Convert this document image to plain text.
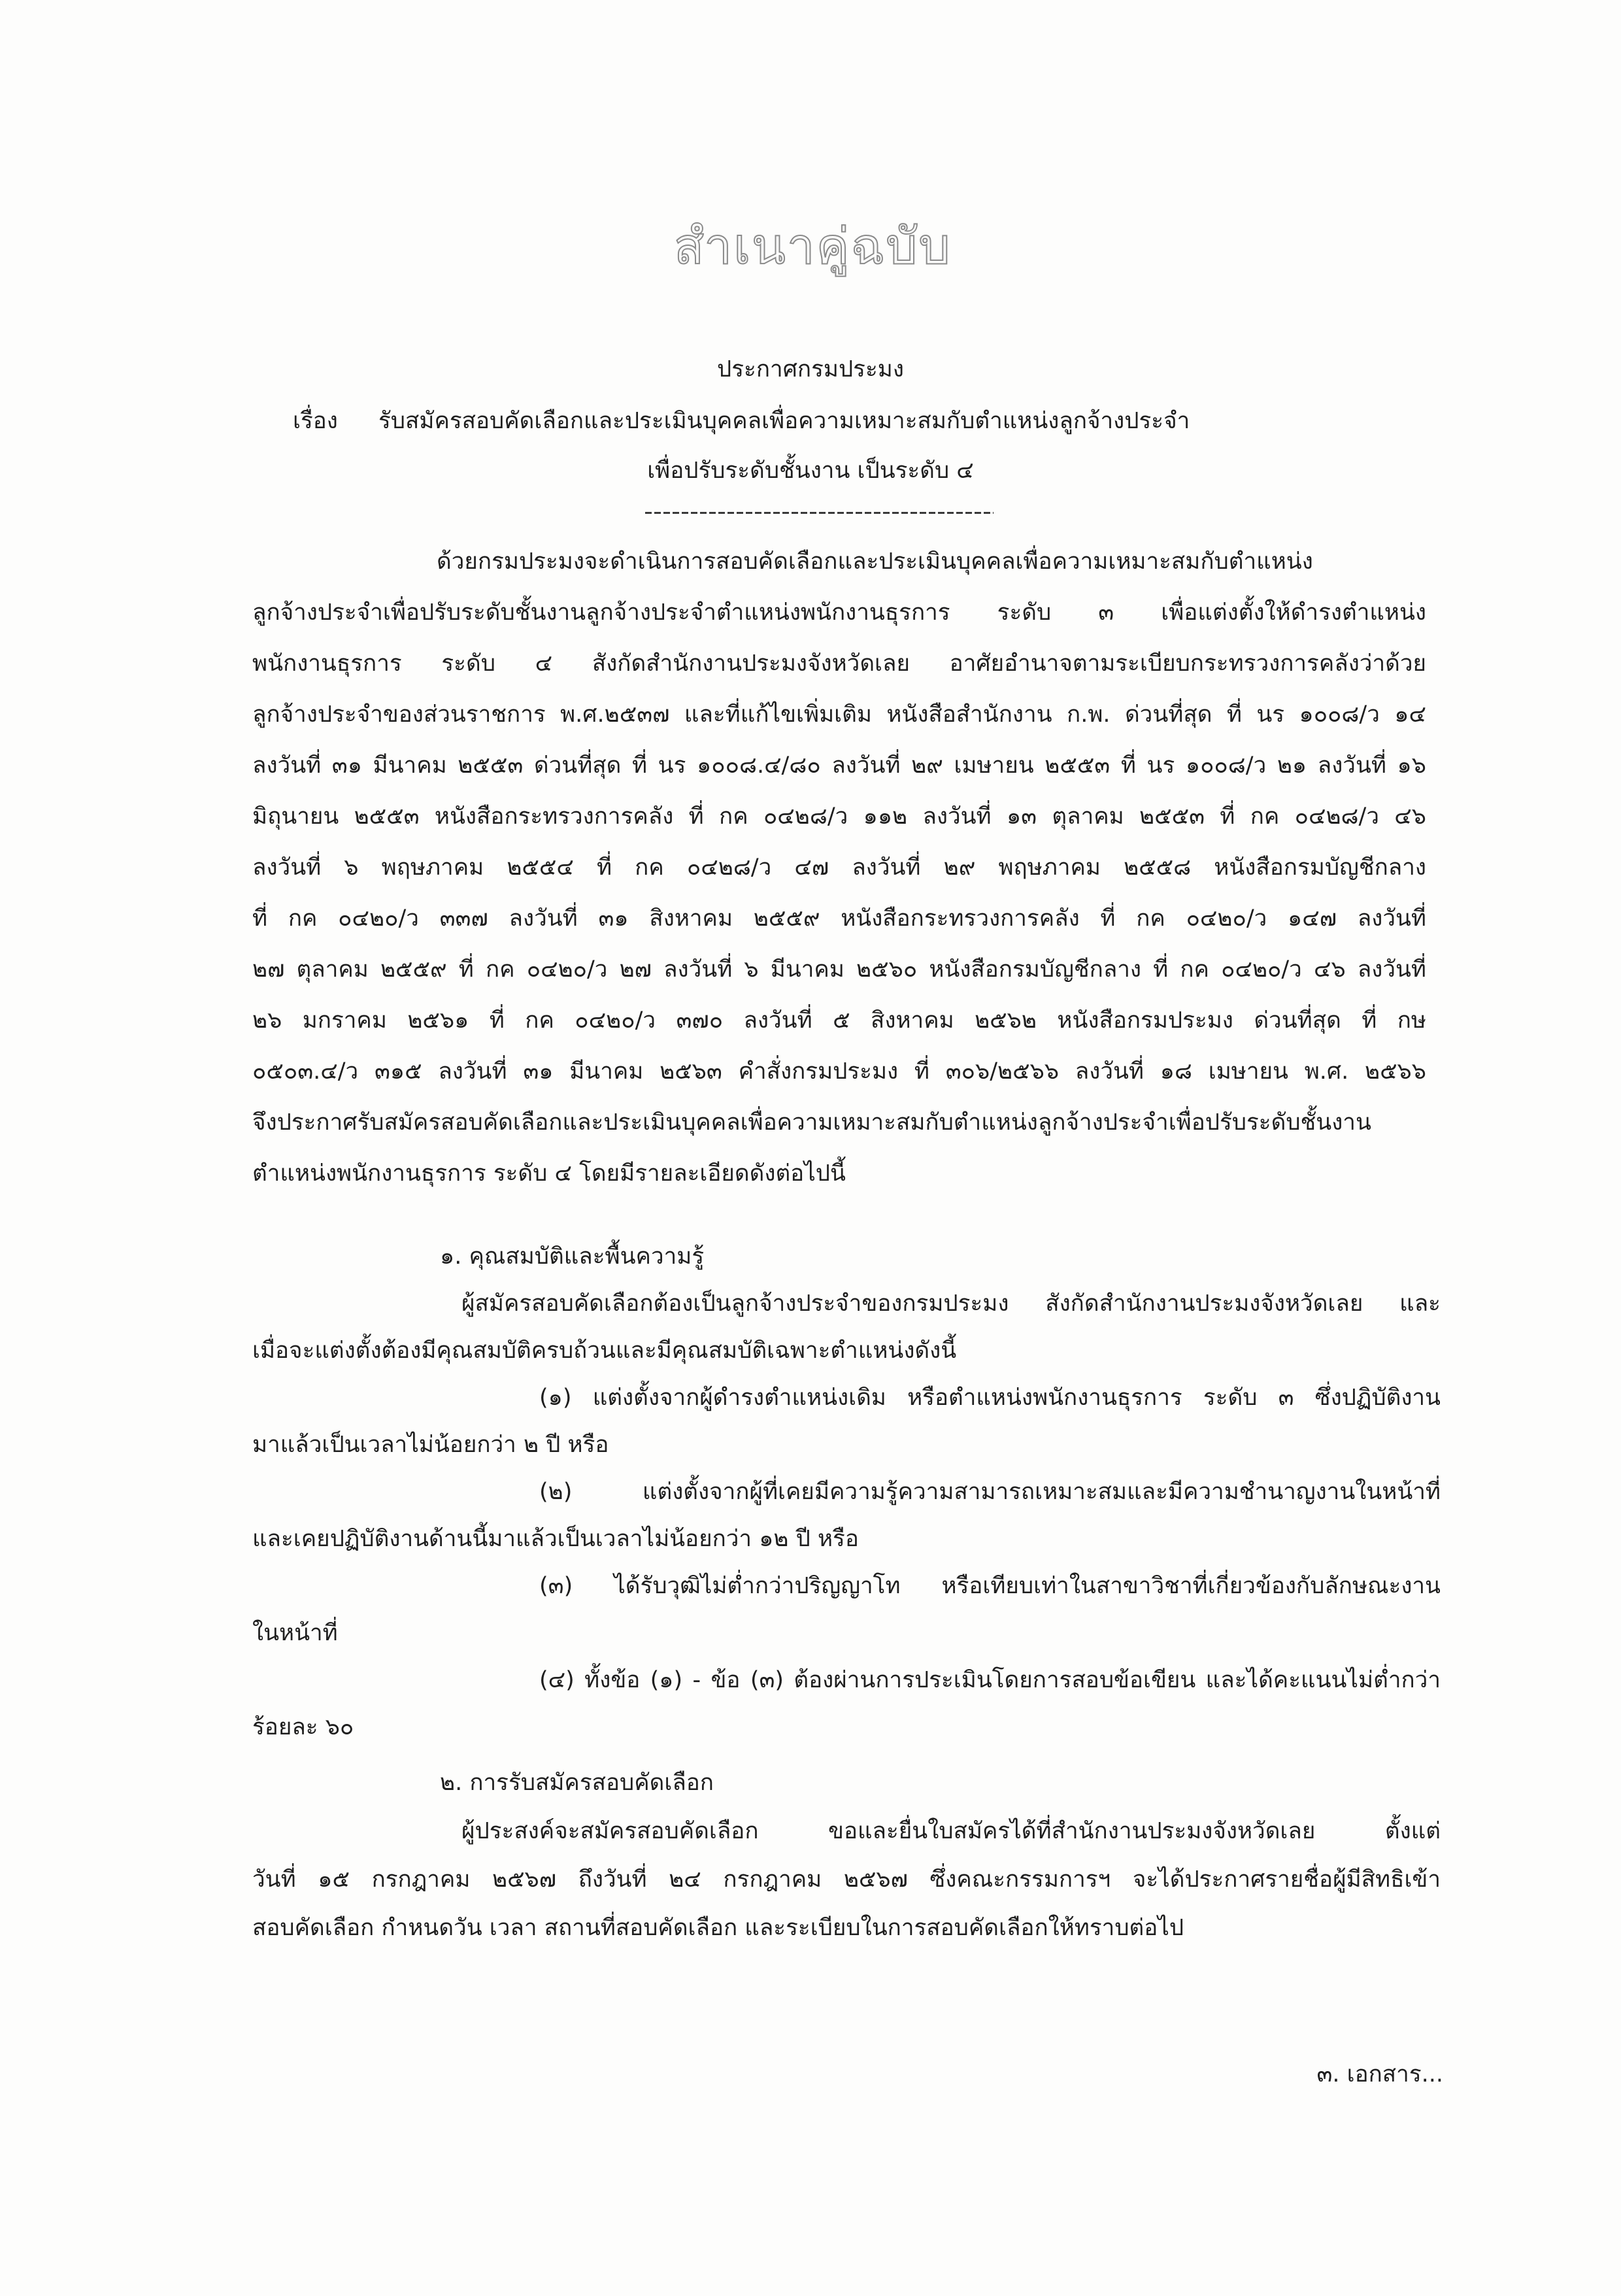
สำเนาคู่ฉบับ
ประกาศกรมประมง
เรื่อง รับสมัครสอบคัดเลือกและประเมินบุคคลเพื่อความเหมาะสมกับตำแหน่งลูกจ้างประจำ
เพื่อปรับระดับชั้นงาน เป็นระดับ ๔
ด้วยกรมประมงจะดำเนินการสอบคัดเลือกและประเมินบุคคลเพื่อความเหมาะสมกับตำแหน่ง
ลูกจ้างประจำเพื่อปรับระดับชั้นงานลูกจ้างประจำตำแหน่งพนักงานธุรการ ระดับ ๓ เพื่อแต่งตั้งให้ดำรงตำแหน่ง
พนักงานธุรการ ระดับ ๔ สังกัดสำนักงานประมงจังหวัดเลย อาศัยอำนาจตามระเบียบกระทรวงการคลังว่าด้วย
ลูกจ้างประจำของส่วนราชการ พ.ศ.๒๕๓๗ และที่แก้ไขเพิ่มเติม หนังสือสำนักงาน ก.พ. ด่วนที่สุด ที่ นร ๑๐๐๘/ว ๑๔
ลงวันที่ ๓๑ มีนาคม ๒๕๕๓ ด่วนที่สุด ที่ นร ๑๐๐๘.๔/๘๐ ลงวันที่ ๒๙ เมษายน ๒๕๕๓ ที่ นร ๑๐๐๘/ว ๒๑ ลงวันที่ ๑๖
มิถุนายน ๒๕๕๓ หนังสือกระทรวงการคลัง ที่ กค ๐๔๒๘/ว ๑๑๒ ลงวันที่ ๑๓ ตุลาคม ๒๕๕๓ ที่ กค ๐๔๒๘/ว ๔๖
ลงวันที่ ๖ พฤษภาคม ๒๕๕๔ ที่ กค ๐๔๒๘/ว ๔๗ ลงวันที่ ๒๙ พฤษภาคม ๒๕๕๘ หนังสือกรมบัญชีกลาง
ที่ กค ๐๔๒๐/ว ๓๓๗ ลงวันที่ ๓๑ สิงหาคม ๒๕๕๙ หนังสือกระทรวงการคลัง ที่ กค ๐๔๒๐/ว ๑๔๗ ลงวันที่
๒๗ ตุลาคม ๒๕๕๙ ที่ กค ๐๔๒๐/ว ๒๗ ลงวันที่ ๖ มีนาคม ๒๕๖๐ หนังสือกรมบัญชีกลาง ที่ กค ๐๔๒๐/ว ๔๖ ลงวันที่
๒๖ มกราคม ๒๕๖๑ ที่ กค ๐๔๒๐/ว ๓๗๐ ลงวันที่ ๕ สิงหาคม ๒๕๖๒ หนังสือกรมประมง ด่วนที่สุด ที่ กษ
๐๕๐๓.๔/ว ๓๑๕ ลงวันที่ ๓๑ มีนาคม ๒๕๖๓ คำสั่งกรมประมง ที่ ๓๐๖/๒๕๖๖ ลงวันที่ ๑๘ เมษายน พ.ศ. ๒๕๖๖
จึงประกาศรับสมัครสอบคัดเลือกและประเมินบุคคลเพื่อความเหมาะสมกับตำแหน่งลูกจ้างประจำเพื่อปรับระดับชั้นงาน
ตำแหน่งพนักงานธุรการ ระดับ ๔ โดยมีรายละเอียดดังต่อไปนี้
๑. คุณสมบัติและพื้นความรู้
ผู้สมัครสอบคัดเลือกต้องเป็นลูกจ้างประจำของกรมประมง สังกัดสำนักงานประมงจังหวัดเลย และ
เมื่อจะแต่งตั้งต้องมีคุณสมบัติครบถ้วนและมีคุณสมบัติเฉพาะตำแหน่งดังนี้
(๑) แต่งตั้งจากผู้ดำรงตำแหน่งเดิม หรือตำแหน่งพนักงานธุรการ ระดับ ๓ ซึ่งปฏิบัติงาน
มาแล้วเป็นเวลาไม่น้อยกว่า ๒ ปี หรือ
(๒) แต่งตั้งจากผู้ที่เคยมีความรู้ความสามารถเหมาะสมและมีความชำนาญงานในหน้าที่
และเคยปฏิบัติงานด้านนี้มาแล้วเป็นเวลาไม่น้อยกว่า ๑๒ ปี หรือ
(๓) ได้รับวุฒิไม่ต่ำกว่าปริญญาโท หรือเทียบเท่าในสาขาวิชาที่เกี่ยวข้องกับลักษณะงาน
ในหน้าที่
(๔) ทั้งข้อ (๑) - ข้อ (๓) ต้องผ่านการประเมินโดยการสอบข้อเขียน และได้คะแนนไม่ต่ำกว่า
ร้อยละ ๖๐
๒. การรับสมัครสอบคัดเลือก
ผู้ประสงค์จะสมัครสอบคัดเลือก ขอและยื่นใบสมัครได้ที่สำนักงานประมงจังหวัดเลย ตั้งแต่
วันที่ ๑๕ กรกฎาคม ๒๕๖๗ ถึงวันที่ ๒๔ กรกฎาคม ๒๕๖๗ ซึ่งคณะกรรมการฯ จะได้ประกาศรายชื่อผู้มีสิทธิเข้า
สอบคัดเลือก กำหนดวัน เวลา สถานที่สอบคัดเลือก และระเบียบในการสอบคัดเลือกให้ทราบต่อไป
๓. เอกสาร...
